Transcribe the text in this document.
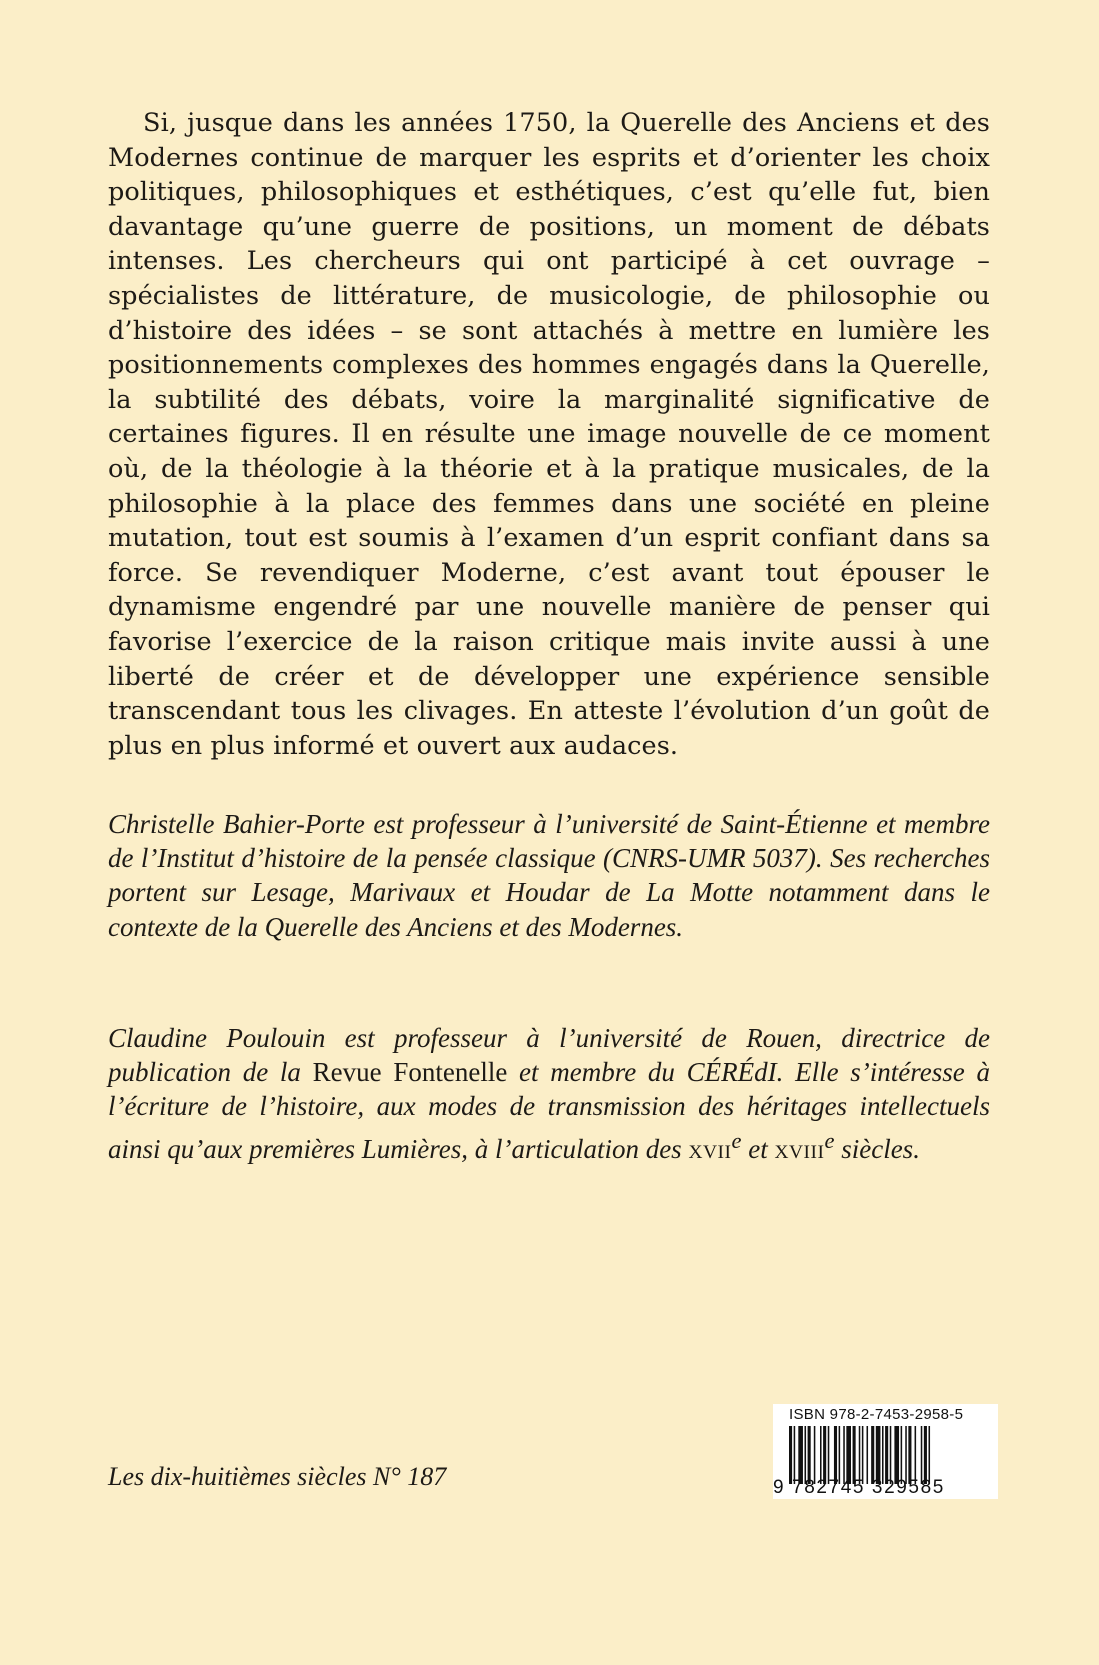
Si, jusque dans les années 1750, la Querelle des Anciens et des Modernes continue de marquer les esprits et d’orienter les choix politiques, philosophiques et esthétiques, c’est qu’elle fut, bien davantage qu’une guerre de positions, un moment de débats intenses. Les chercheurs qui ont participé à cet ouvrage – spécialistes de littérature, de musicologie, de philosophie ou d’histoire des idées – se sont attachés à mettre en lumière les positionnements complexes des hommes engagés dans la Querelle, la subtilité des débats, voire la marginalité significative de certaines figures. Il en résulte une image nouvelle de ce moment où, de la théologie à la théorie et à la pratique musicales, de la philosophie à la place des femmes dans une société en pleine mutation, tout est soumis à l’examen d’un esprit confiant dans sa force. Se revendiquer Moderne, c’est avant tout épouser le dynamisme engendré par une nouvelle manière de penser qui favorise l’exercice de la raison critique mais invite aussi à une liberté de créer et de développer une expérience sensible transcendant tous les clivages. En atteste l’évolution d’un goût de plus en plus informé et ouvert aux audaces.

Christelle Bahier-Porte est professeur à l’université de Saint-Étienne et membre de l’Institut d’histoire de la pensée classique (CNRS-UMR 5037). Ses recherches portent sur Lesage, Marivaux et Houdar de La Motte notamment dans le contexte de la Querelle des Anciens et des Modernes.

Claudine Poulouin est professeur à l’université de Rouen, directrice de publication de la Revue Fontenelle et membre du CÉRÉdI. Elle s’intéresse à l’écriture de l’histoire, aux modes de transmission des héritages intellectuels ainsi qu’aux premières Lumières, à l’articulation des XVIIe et XVIIIe siècles.

Les dix-huitièmes siècles N° 187

ISBN 978-2-7453-2958-5
9 782745 329585
